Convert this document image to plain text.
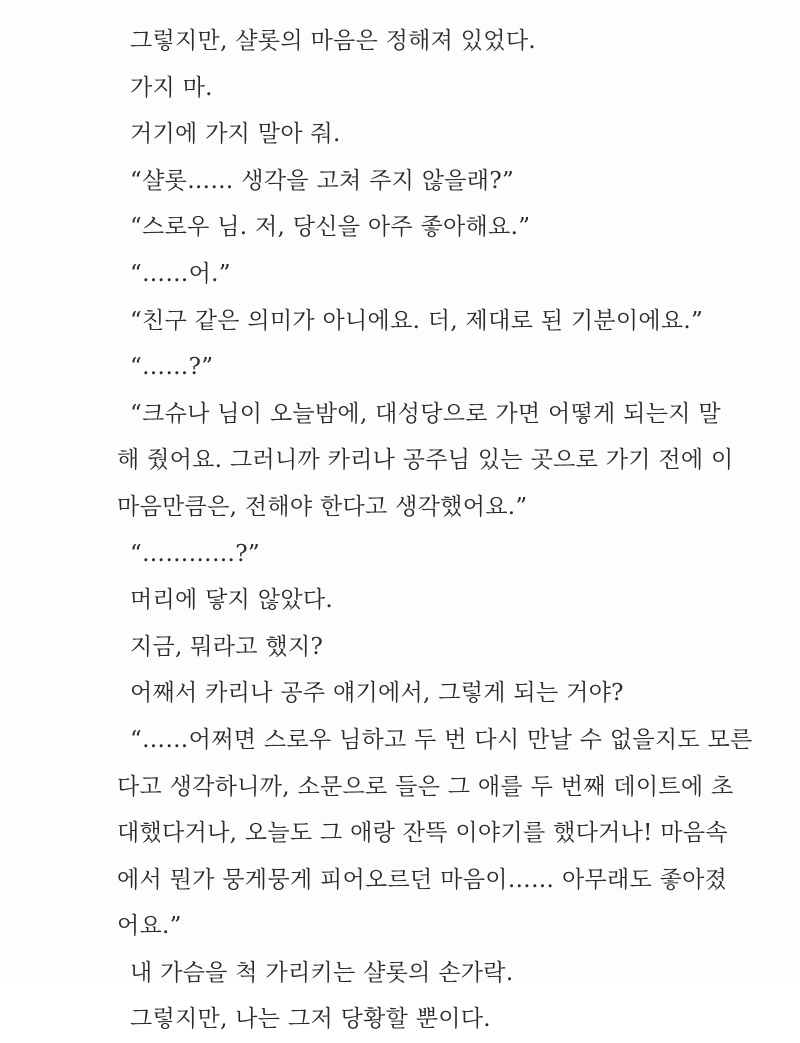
그렇지만, 샬롯의 마음은 정해져 있었다.
가지 마.
거기에 가지 말아 줘.
“샬롯…… 생각을 고쳐 주지 않을래?”
“스로우 님. 저, 당신을 아주 좋아해요.”
“……어.”
“친구 같은 의미가 아니에요. 더, 제대로 된 기분이에요.”
“……?”
“크슈나 님이 오늘밤에, 대성당으로 가면 어떻게 되는지 말
해 줬어요. 그러니까 카리나 공주님 있는 곳으로 가기 전에 이
마음만큼은, 전해야 한다고 생각했어요.”
“…………?”
머리에 닿지 않았다.
지금, 뭐라고 했지?
어째서 카리나 공주 얘기에서, 그렇게 되는 거야?
“……어쩌면 스로우 님하고 두 번 다시 만날 수 없을지도 모른
다고 생각하니까, 소문으로 들은 그 애를 두 번째 데이트에 초
대했다거나, 오늘도 그 애랑 잔뜩 이야기를 했다거나! 마음속
에서 뭔가 뭉게뭉게 피어오르던 마음이…… 아무래도 좋아졌
어요.”
내 가슴을 척 가리키는 샬롯의 손가락.
그렇지만, 나는 그저 당황할 뿐이다.
